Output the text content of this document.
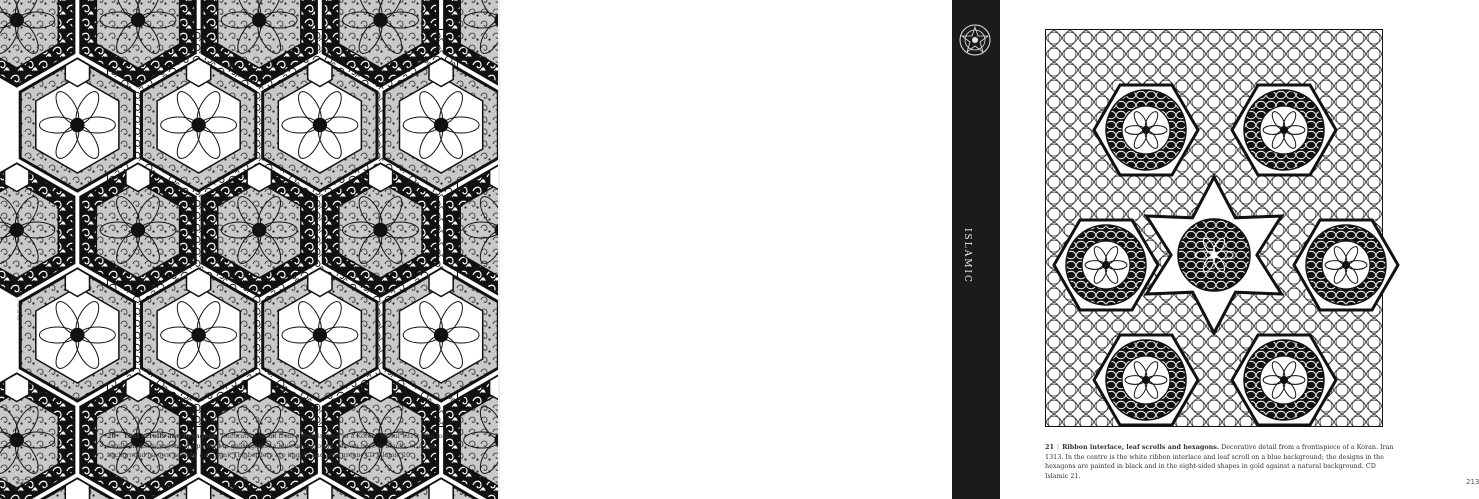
DESIGNS
20 | Leaf scrolls and hexagons. Decorative detail from a frontispiece of a Koran. Mosul 1310. The leaf scrolls in the hexagons are painted in gold against a blue background (shown here in black), or a red background (shown here by a screen). The borders are in gold and pale green. CD Islamic 20.
212
21 | Ribbon interlace, leaf scrolls and hexagons. Decorative detail from a frontispiece of a Koran. Iran 1313. In the centre is the white ribbon interlace and leaf scroll on a blue background; the designs in the hexagons are painted in black and in the eight-sided shapes in gold against a natural background. CD Islamic 21.
213
ISLAMIC
